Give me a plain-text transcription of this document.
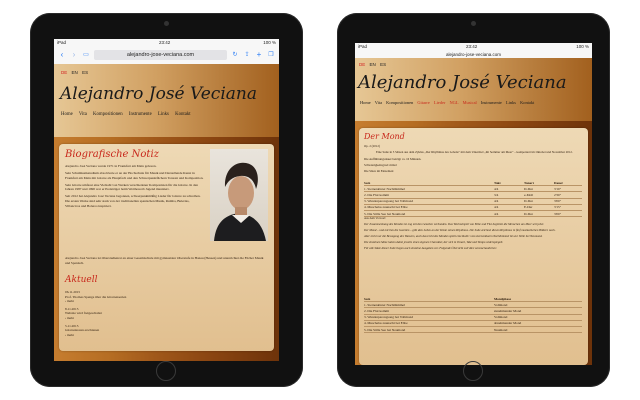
iPad	23:42	100 %
‹	›	▭	alejandro-jose-veciana.com	↻ ⇪ + ❐
DE EN ES
Alejandro José Veciana
Home Vita Kompositionen Instrumente Links Kontakt
Biografische Notiz

Alejandro José Veciana wurde 1971 in Frankfurt am Main geboren.

Sein Schulmusikstudium absolvierte er an der Hochschule für Musik und Darstellende Kunst in Frankfurt am Main mit Gitarre als Hauptfach und den Schwerpunktfächern Tonsatz und Komposition.

Sein Gitarre umfasst eine Vielzahl von Werken verschiedener Komponisten für die Gitarre. In den Jahren 1987 und 1990 war er Preisträger beim Wettbewerb Jugend musiziert.

Seit 2012 hat Alejandro José Veciana begonnen, schwerpunktmäßig Lieder für Gitarre zu schreiben. Die ersten Werke sind sehr stark von der traditionellen spanischen Musik, Rumba, Bulerías, Villancicos und Boleros inspiriert.

Alejandro José Veciana ist Oberstudienrat an einer Gesamtschule mit gymnasialer Oberstufe in Hanau (Hessen) und unterrichtet die Fächer Musik und Spanisch.

Aktuell
06.11.2015
Prof. Thomas Spenge über die Gitarrenserien
› mehr
8.11.2015
Website wird freigeschaltet
› mehr
5.11.2015
Gitarrennoten erschienen
› mehr
iPad	23:42	100 %
alejandro-jose-veciana.com
DE EN ES
Alejandro José Veciana
Home Vita Kompositionen Gitarre Lieder NGL Musical Instrumente Links Kontakt
Der Mond

Op. 2 (2012)

Eine Suite in 5 Sätzen aus dem Zyklus „Der Rhythmus des Lebens" mit dem Untertitel „Im Sommer am Meer" – komponiert im Oktober und November 2012.

Die Aufführungsdauer beträgt ca. 16 Minuten.

Schwierigkeitsgrad: mittel

Die Sätze im Einzelnen:

Satz	Takt	Tonart	Dauer
1. Sternenklarer Nachthimmel	4/4	D-Dur	3'10"
2. Die Flut kommt	3/4	e-Moll	2'30"
3. Wunderparongsong bei Vollmond	4/4	D-Dur	3'00"
4. Muschelss zuunacht bei Ebbe	4/4	E-Dur	3'15"
5. Die Stille See bei Neumond	4/4	D-Dur	3'00"

Aus dem Vorwort:

Der Zusammenhang des Mondes ist eng mit den Gezeiten verbunden. Das Wechselspiel von Ebbe und Flut begleitet die Menschen am Meer seit jeher.

Der Mond – und mit ihm die Gezeiten – gibt dem Leben an der Küste seinen Rhythmus. Die Suite zeichnet diesen Rhythmus in fünf musikalischen Bildern nach.

Aber nicht nur die Bewegung des Wassers, auch das Licht des Mondes spielt eine Rolle: vom sternenklaren Nachthimmel bis zur Stille bei Neumond.

Die einzelnen Sätze haben dabei jeweils einen eigenen Charakter, der sich in Tonart, Takt und Tempo widerspiegelt.

Für alle Sätze dieser Suite liegen auch einzelne Ausgaben vor. Folgende Übersicht soll dies veranschaulichen:

Satz	Mondphase
1. Sternenklarer Nachthimmel	Vollmond
2. Die Flut kommt	zunehmender Mond
3. Wunderparongsong bei Vollmond	Vollmond
4. Muschelss zuunacht bei Ebbe	abnehmender Mond
5. Die Stille See bei Neumond	Neumond
